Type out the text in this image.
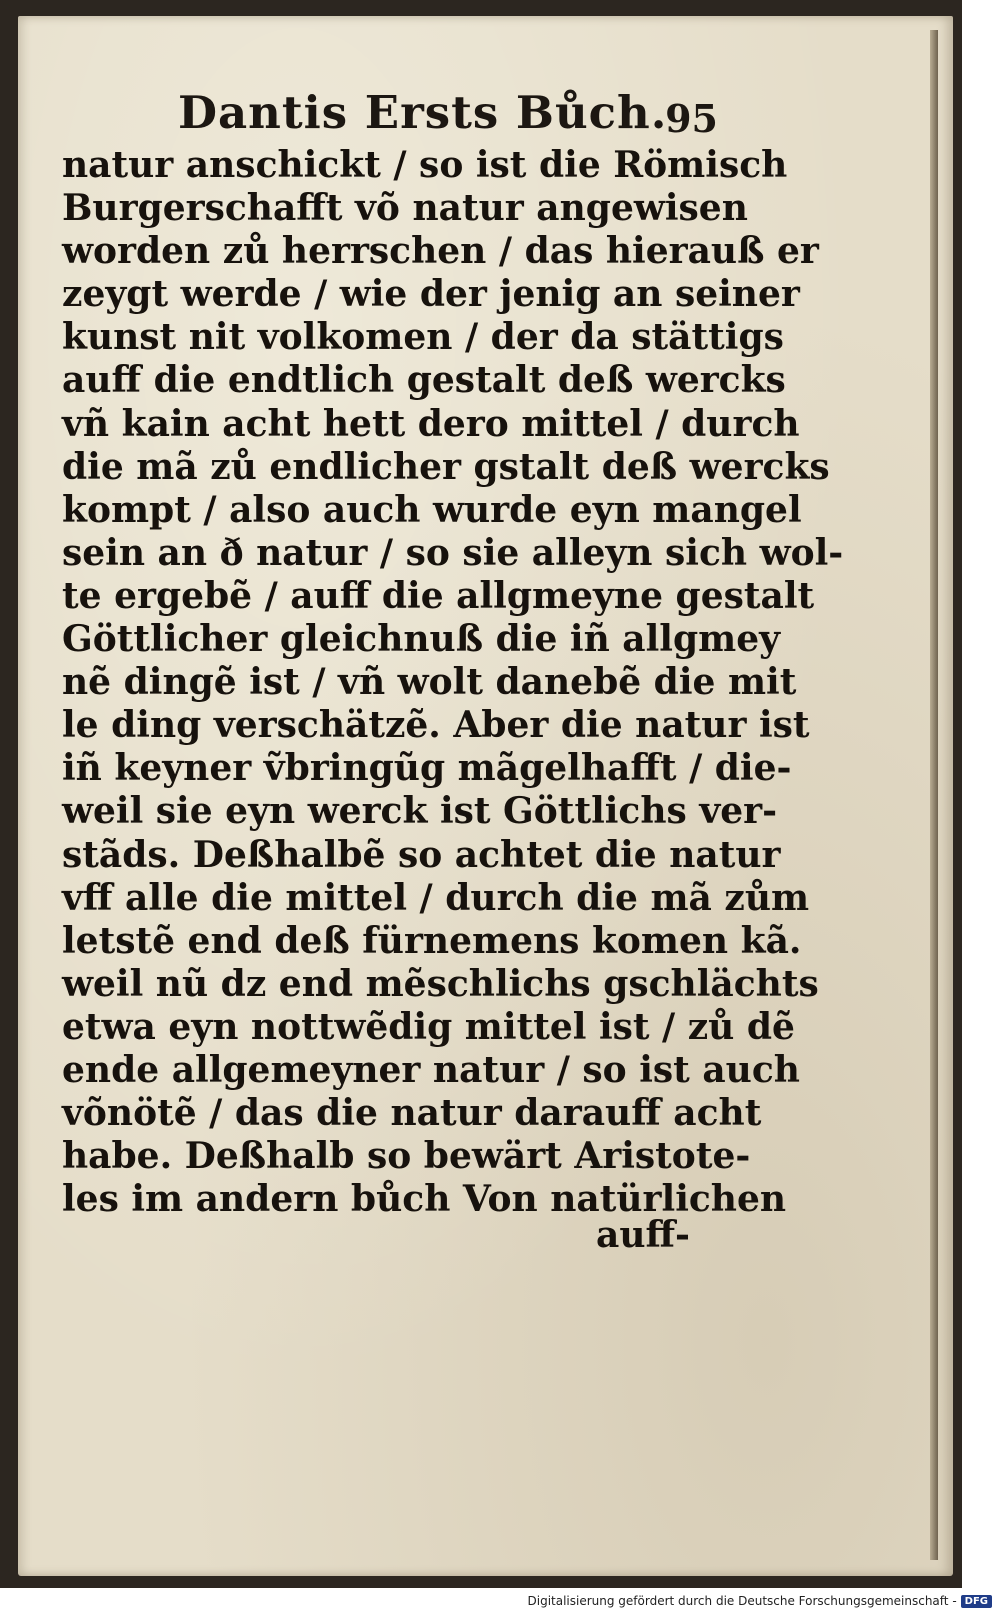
Dantis Ersts Bůch.
95
natur anschickt / so ist die Römisch
Burgerschafft võ natur angewisen
worden zů herrschen / das hierauß er
zeygt werde / wie der jenig an seiner
kunst nit volkomen / der da stättigs
auff die endtlich gestalt deß wercks
vñ kain acht hett dero mittel / durch
die mã zů endlicher gstalt deß wercks
kompt / also auch wurde eyn mangel
sein an ð natur / so sie alleyn sich wol-
te ergebẽ / auff die allgmeyne gestalt
Göttlicher gleichnuß die iñ allgmey
nẽ dingẽ ist / vñ wolt danebẽ die mit
le ding verschätzẽ. Aber die natur ist
iñ keyner ṽbringũg mãgelhafft / die-
weil sie eyn werck ist Göttlichs ver-
stãds. Deßhalbẽ so achtet die natur
vff alle die mittel / durch die mã zům
letstẽ end deß fürnemens komen kã.
weil nũ dz end mẽschlichs gschlächts
etwa eyn nottwẽdig mittel ist / zů dẽ
ende allgemeyner natur / so ist auch
võnötẽ / das die natur darauff acht
habe. Deßhalb so bewärt Aristote-
les im andern bůch Von natürlichen
auff-
Digitalisierung gefördert durch die Deutsche Forschungsgemeinschaft - DFG
